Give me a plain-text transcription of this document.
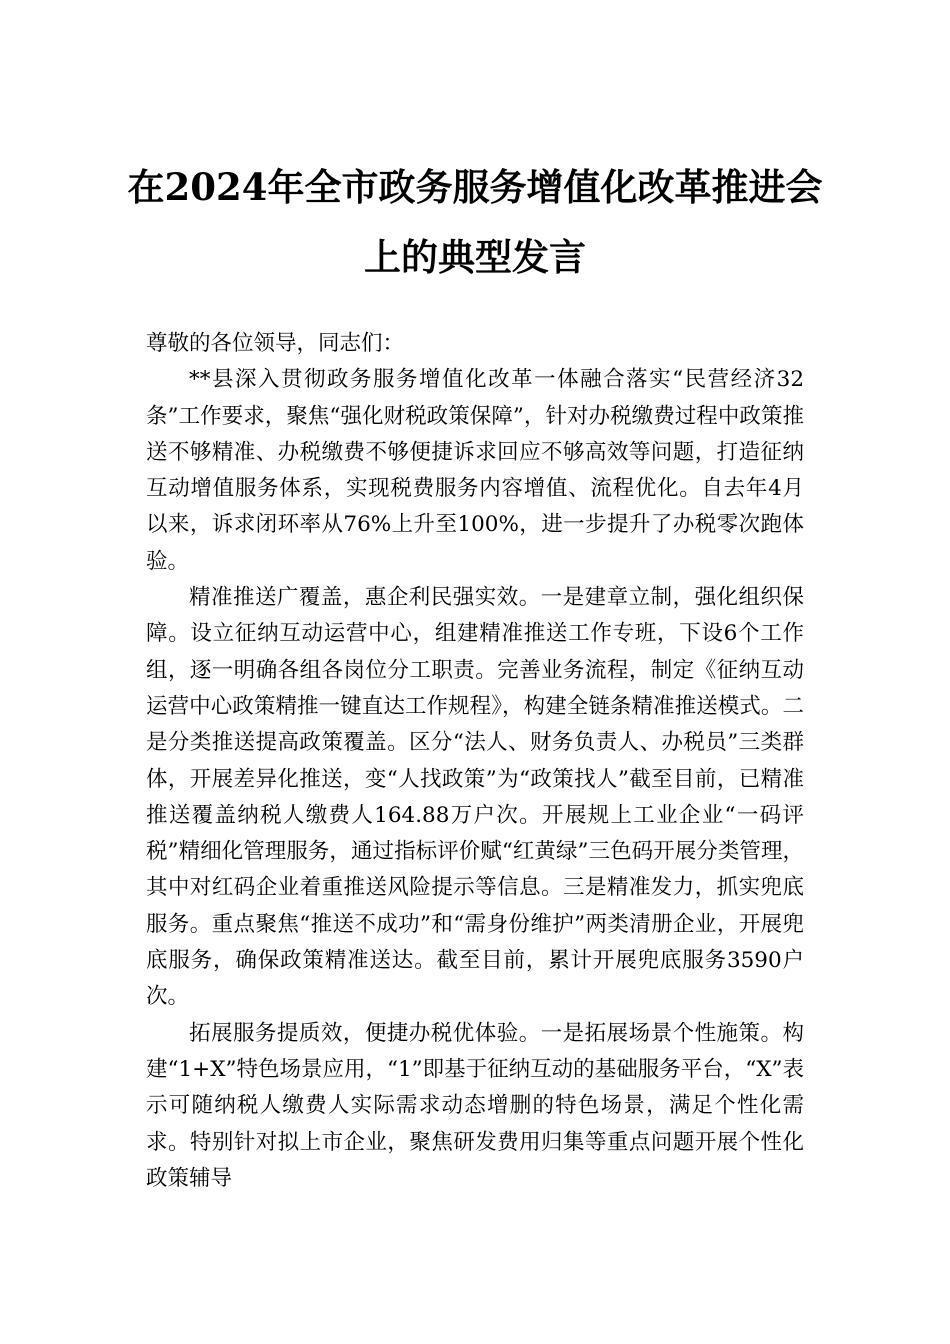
在2024年全市政务服务增值化改革推进会
上的典型发言

尊敬的各位领导，同志们：

**县深入贯彻政务服务增值化改革一体融合落实“民营经济32条”工作要求，聚焦“强化财税政策保障”，针对办税缴费过程中政策推送不够精准、办税缴费不够便捷诉求回应不够高效等问题，打造征纳互动增值服务体系，实现税费服务内容增值、流程优化。自去年4月以来，诉求闭环率从76%上升至100%，进一步提升了办税零次跑体验。

精准推送广覆盖，惠企利民强实效。一是建章立制，强化组织保障。设立征纳互动运营中心，组建精准推送工作专班，下设6个工作组，逐一明确各组各岗位分工职责。完善业务流程，制定《征纳互动运营中心政策精推一键直达工作规程》，构建全链条精准推送模式。二是分类推送提高政策覆盖。区分“法人、财务负责人、办税员”三类群体，开展差异化推送，变“人找政策”为“政策找人”截至目前，已精准推送覆盖纳税人缴费人164.88万户次。开展规上工业企业“一码评税”精细化管理服务，通过指标评价赋“红黄绿”三色码开展分类管理，其中对红码企业着重推送风险提示等信息。三是精准发力，抓实兜底服务。重点聚焦“推送不成功”和“需身份维护”两类清册企业，开展兜底服务，确保政策精准送达。截至目前，累计开展兜底服务3590户次。

拓展服务提质效，便捷办税优体验。一是拓展场景个性施策。构建“1+X”特色场景应用，“1”即基于征纳互动的基础服务平台，“X”表示可随纳税人缴费人实际需求动态增删的特色场景，满足个性化需求。特别针对拟上市企业，聚焦研发费用归集等重点问题开展个性化政策辅导
